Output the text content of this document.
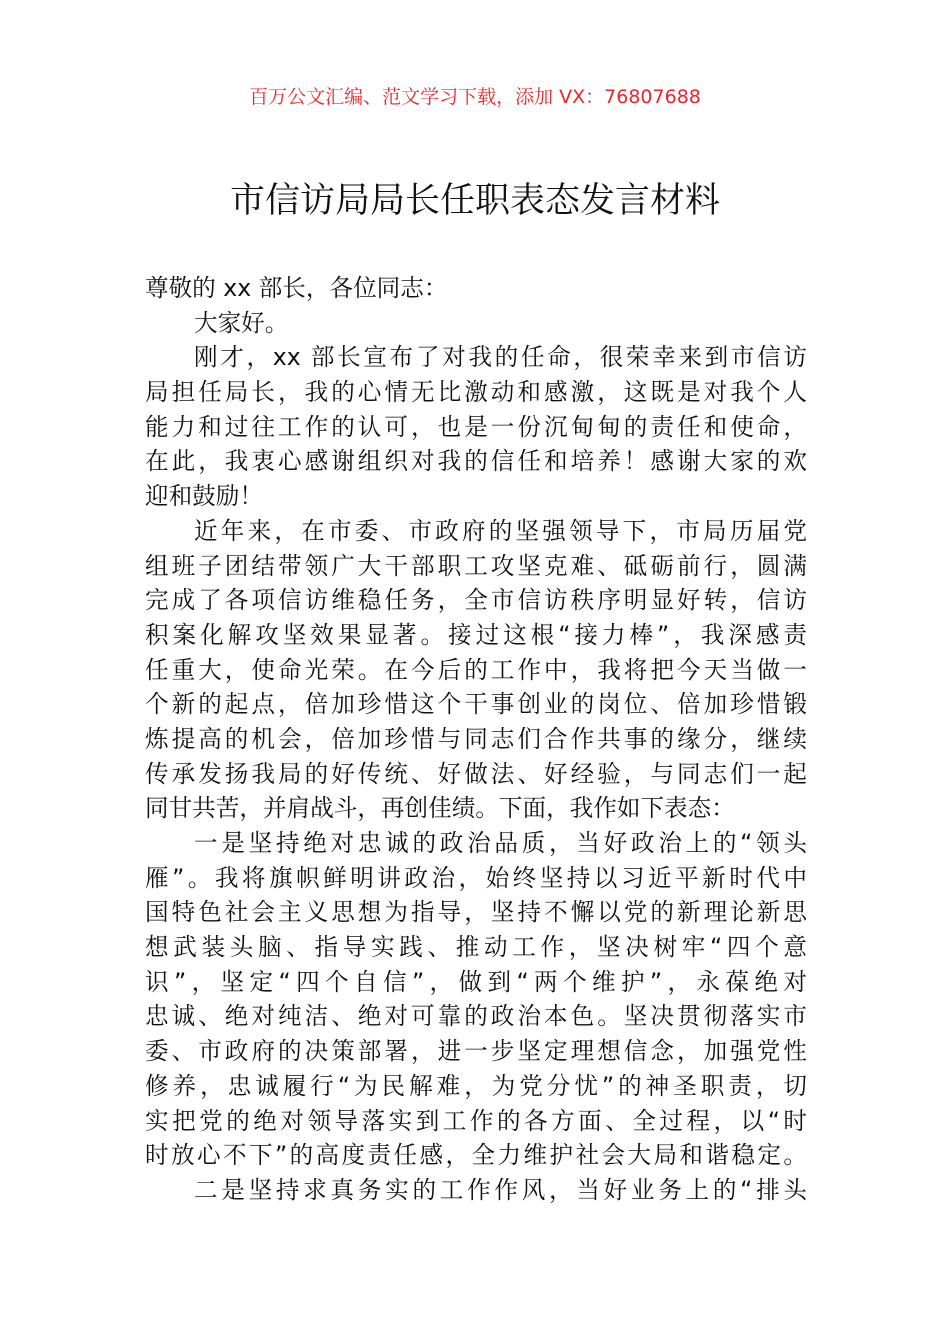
百万公文汇编、范文学习下载，添加 VX：76807688
市信访局局长任职表态发言材料
尊敬的 xx 部长，各位同志：
大家好。
刚才，xx 部长宣布了对我的任命，很荣幸来到市信访
局担任局长，我的心情无比激动和感激，这既是对我个人
能力和过往工作的认可，也是一份沉甸甸的责任和使命，
在此，我衷心感谢组织对我的信任和培养！感谢大家的欢
迎和鼓励！
近年来，在市委、市政府的坚强领导下，市局历届党
组班子团结带领广大干部职工攻坚克难、砥砺前行，圆满
完成了各项信访维稳任务，全市信访秩序明显好转，信访
积案化解攻坚效果显著。接过这根“接力棒”，我深感责
任重大，使命光荣。在今后的工作中，我将把今天当做一
个新的起点，倍加珍惜这个干事创业的岗位、倍加珍惜锻
炼提高的机会，倍加珍惜与同志们合作共事的缘分，继续
传承发扬我局的好传统、好做法、好经验，与同志们一起
同甘共苦，并肩战斗，再创佳绩。下面，我作如下表态：
一是坚持绝对忠诚的政治品质，当好政治上的“领头
雁”。我将旗帜鲜明讲政治，始终坚持以习近平新时代中
国特色社会主义思想为指导，坚持不懈以党的新理论新思
想武装头脑、指导实践、推动工作，坚决树牢“四个意
识”，坚定“四个自信”，做到“两个维护”，永葆绝对
忠诚、绝对纯洁、绝对可靠的政治本色。坚决贯彻落实市
委、市政府的决策部署，进一步坚定理想信念，加强党性
修养，忠诚履行“为民解难，为党分忧”的神圣职责，切
实把党的绝对领导落实到工作的各方面、全过程，以“时
时放心不下”的高度责任感，全力维护社会大局和谐稳定。
二是坚持求真务实的工作作风，当好业务上的“排头
